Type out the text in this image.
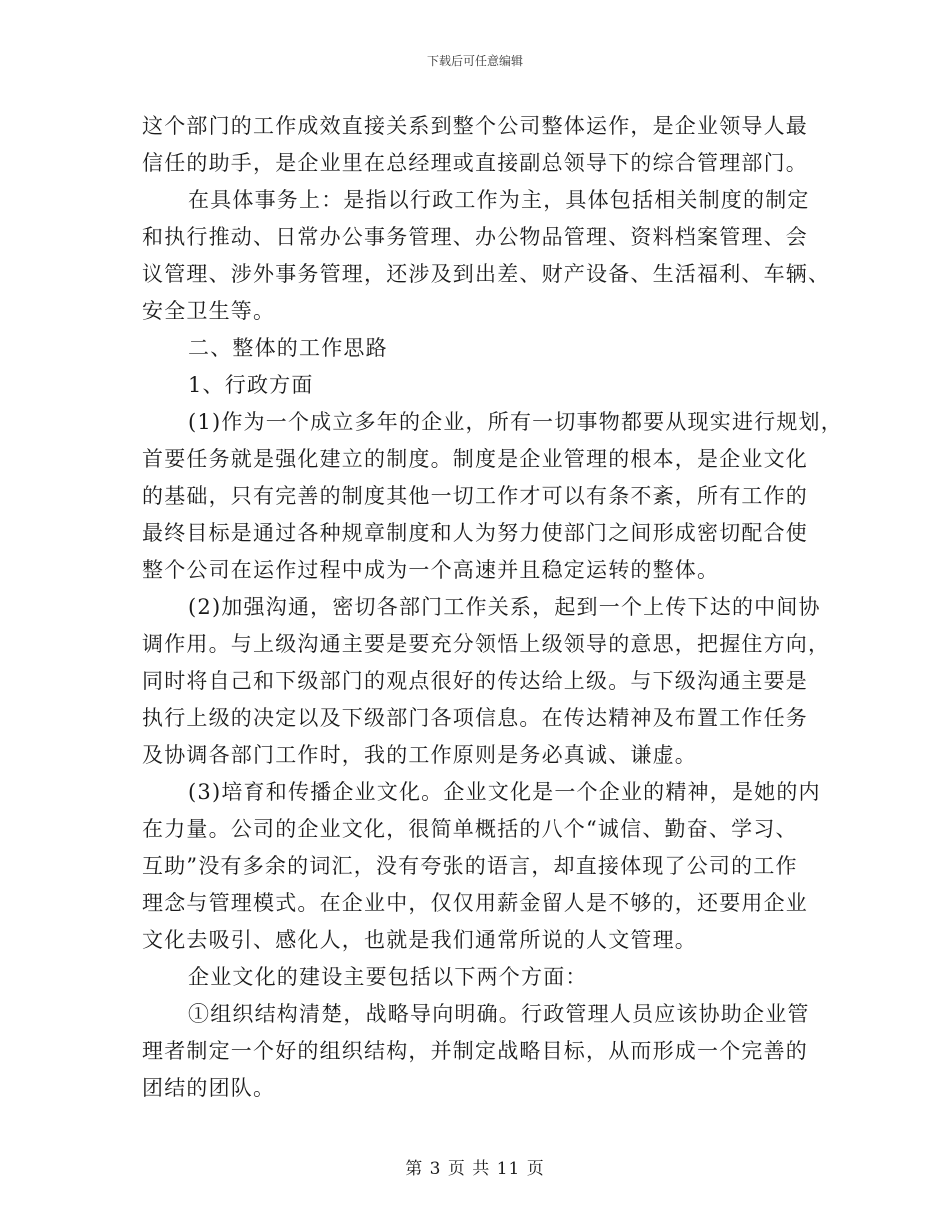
下载后可任意编辑
这个部门的工作成效直接关系到整个公司整体运作，是企业领导人最
信任的助手，是企业里在总经理或直接副总领导下的综合管理部门。
在具体事务上：是指以行政工作为主，具体包括相关制度的制定
和执行推动、日常办公事务管理、办公物品管理、资料档案管理、会
议管理、涉外事务管理，还涉及到出差、财产设备、生活福利、车辆、
安全卫生等。
二、整体的工作思路
1、行政方面
(1)作为一个成立多年的企业，所有一切事物都要从现实进行规划，
首要任务就是强化建立的制度。制度是企业管理的根本，是企业文化
的基础，只有完善的制度其他一切工作才可以有条不紊，所有工作的
最终目标是通过各种规章制度和人为努力使部门之间形成密切配合使
整个公司在运作过程中成为一个高速并且稳定运转的整体。
(2)加强沟通，密切各部门工作关系，起到一个上传下达的中间协
调作用。与上级沟通主要是要充分领悟上级领导的意思，把握住方向，
同时将自己和下级部门的观点很好的传达给上级。与下级沟通主要是
执行上级的决定以及下级部门各项信息。在传达精神及布置工作任务
及协调各部门工作时，我的工作原则是务必真诚、谦虚。
(3)培育和传播企业文化。企业文化是一个企业的精神，是她的内
在力量。公司的企业文化，很简单概括的八个“诚信、勤奋、学习、
互助”没有多余的词汇，没有夸张的语言，却直接体现了公司的工作
理念与管理模式。在企业中，仅仅用薪金留人是不够的，还要用企业
文化去吸引、感化人，也就是我们通常所说的人文管理。
企业文化的建设主要包括以下两个方面：
①组织结构清楚，战略导向明确。行政管理人员应该协助企业管
理者制定一个好的组织结构，并制定战略目标，从而形成一个完善的
团结的团队。
第 3 页 共 11 页
